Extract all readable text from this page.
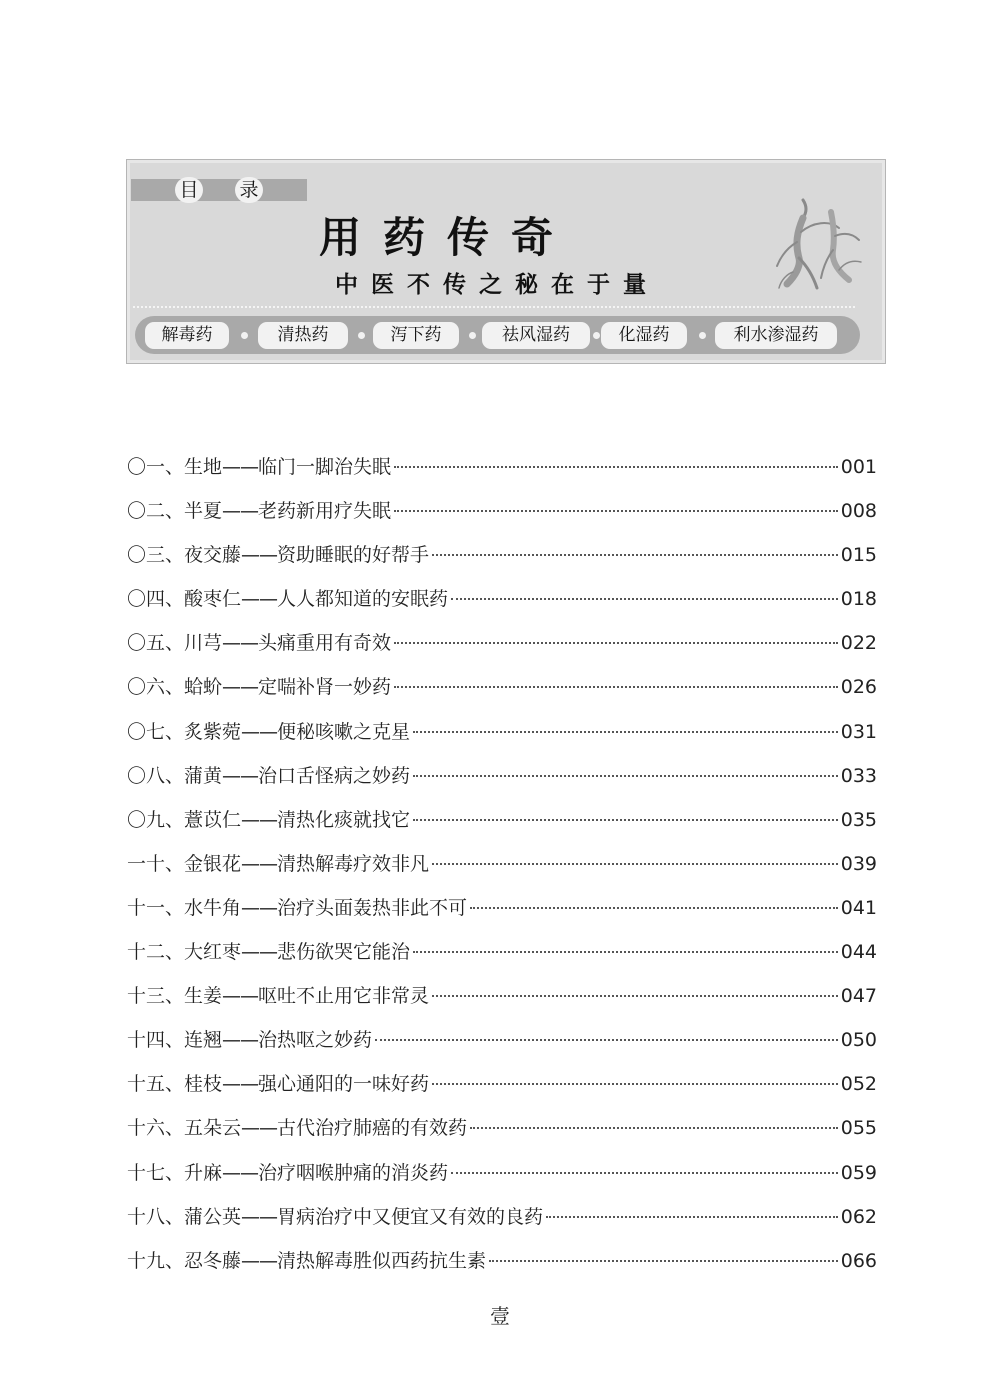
目 录
用药传奇
中医不传之秘在于量
解毒药	清热药	泻下药	祛风湿药	化湿药	利水渗湿药
〇一、 生地 —— 临门一脚治失眠	001
〇二、 半夏 —— 老药新用疗失眠	008
〇三、 夜交藤 —— 资助睡眠的好帮手	015
〇四、 酸枣仁 —— 人人都知道的安眠药	018
〇五、 川芎 —— 头痛重用有奇效	022
〇六、 蛤蚧 —— 定喘补肾一妙药	026
〇七、 炙紫菀 —— 便秘咳嗽之克星	031
〇八、 蒲黄 —— 治口舌怪病之妙药	033
〇九、 薏苡仁 —— 清热化痰就找它	035
一十、 金银花 —— 清热解毒疗效非凡	039
十一、 水牛角 —— 治疗头面轰热非此不可	041
十二、 大红枣 —— 悲伤欲哭它能治	044
十三、 生姜 —— 呕吐不止用它非常灵	047
十四、 连翘 —— 治热呕之妙药	050
十五、 桂枝 —— 强心通阳的一味好药	052
十六、 五朵云 —— 古代治疗肺癌的有效药	055
十七、 升麻 —— 治疗咽喉肿痛的消炎药	059
十八、 蒲公英 —— 胃病治疗中又便宜又有效的良药	062
十九、 忍冬藤 —— 清热解毒胜似西药抗生素	066
壹
